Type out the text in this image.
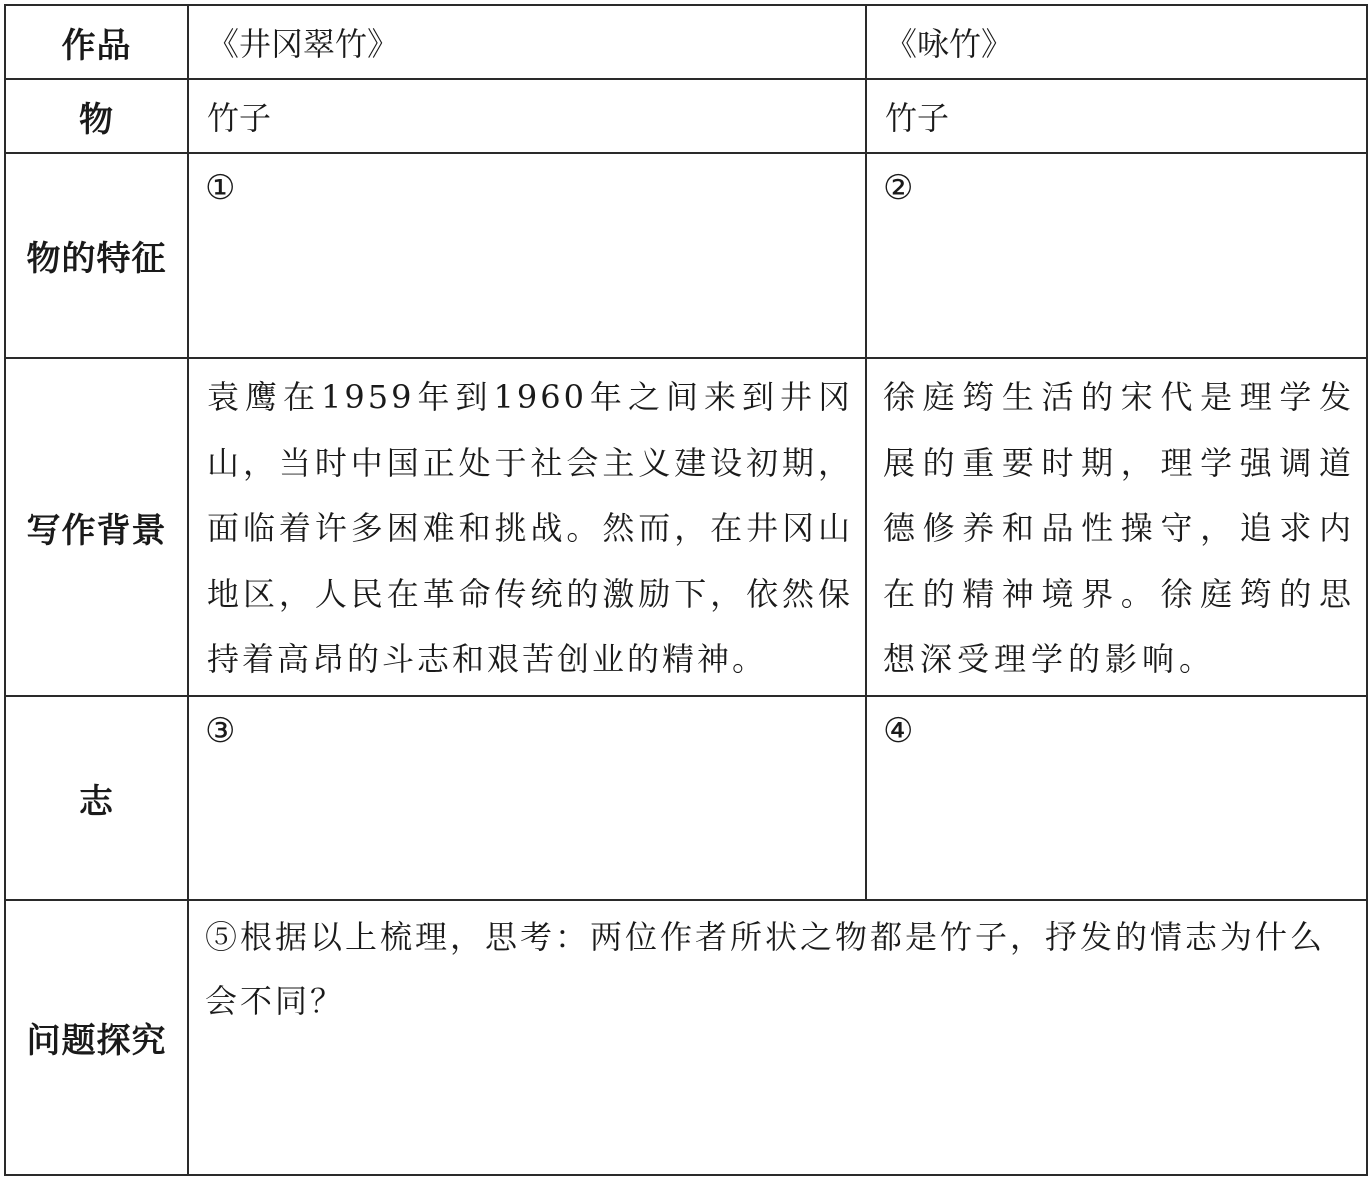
作品	《井冈翠竹》	《咏竹》

物	竹子	竹子

物的特征	①	②

写作背景	袁鹰在1959年到1960年之间来到井冈山，当时中国正处于社会主义建设初期，面临着许多困难和挑战。然而，在井冈山地区，人民在革命传统的激励下，依然保持着高昂的斗志和艰苦创业的精神。	徐庭筠生活的宋代是理学发展的重要时期，理学强调道德修养和品性操守，追求内在的精神境界。徐庭筠的思想深受理学的影响。

志	③	④

问题探究	⑤根据以上梳理，思考：两位作者所状之物都是竹子，抒发的情志为什么会不同？	
